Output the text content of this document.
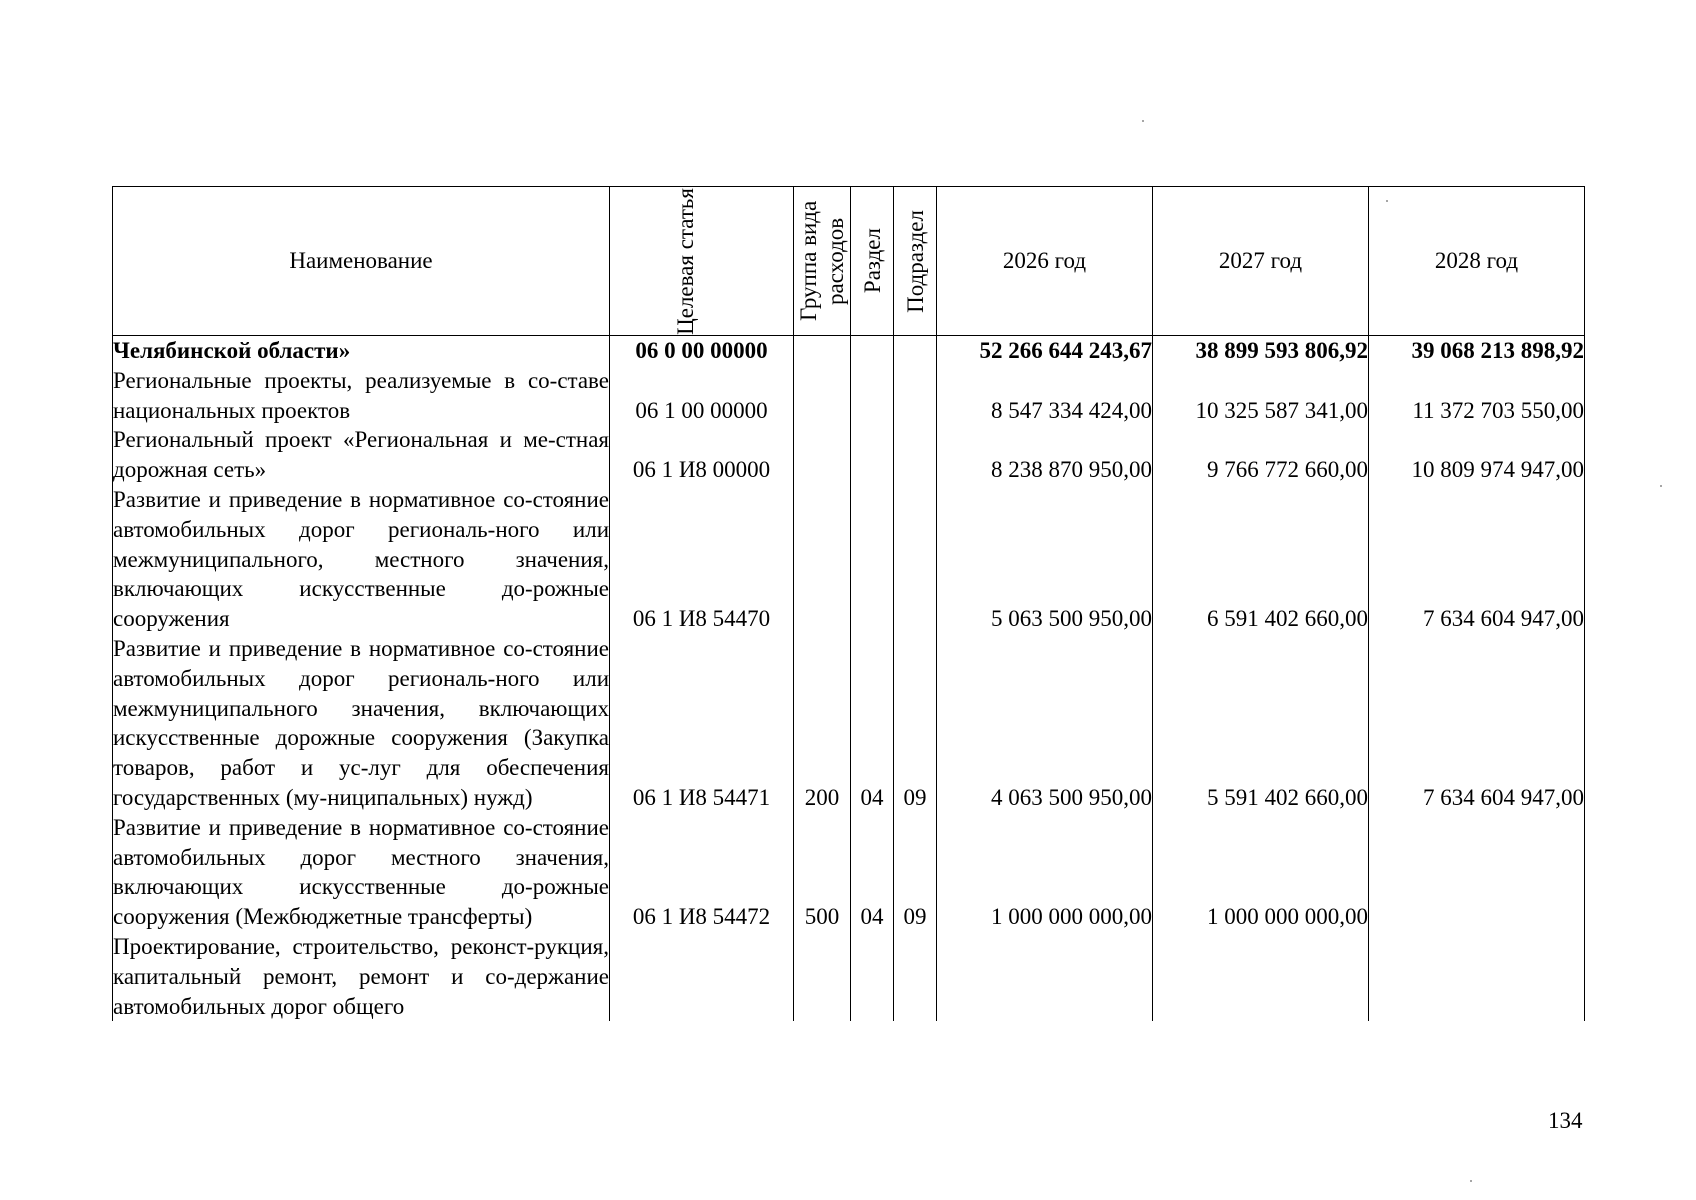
Наименование	Целевая статья	Группа вида расходов	Раздел	Подраздел	2026 год	2027 год	2028 год
Челябинской области»	06 0 00 00000				52 266 644 243,67	38 899 593 806,92	39 068 213 898,92
Региональные проекты, реализуемые в со-ставе национальных проектов	06 1 00 00000				8 547 334 424,00	10 325 587 341,00	11 372 703 550,00
Региональный проект «Региональная и ме-стная дорожная сеть»	06 1 И8 00000				8 238 870 950,00	9 766 772 660,00	10 809 974 947,00
Развитие и приведение в нормативное со-стояние автомобильных дорог региональ-ного или межмуниципального, местного значения, включающих искусственные до-рожные сооружения	06 1 И8 54470				5 063 500 950,00	6 591 402 660,00	7 634 604 947,00
Развитие и приведение в нормативное со-стояние автомобильных дорог региональ-ного или межмуниципального значения, включающих искусственные дорожные сооружения (Закупка товаров, работ и ус-луг для обеспечения государственных (му-ниципальных) нужд)	06 1 И8 54471	200	04	09	4 063 500 950,00	5 591 402 660,00	7 634 604 947,00
Развитие и приведение в нормативное со-стояние автомобильных дорог местного значения, включающих искусственные до-рожные сооружения (Межбюджетные трансферты)	06 1 И8 54472	500	04	09	1 000 000 000,00	1 000 000 000,00	
Проектирование, строительство, реконст-рукция, капитальный ремонт, ремонт и со-держание автомобильных дорог общего							
134
